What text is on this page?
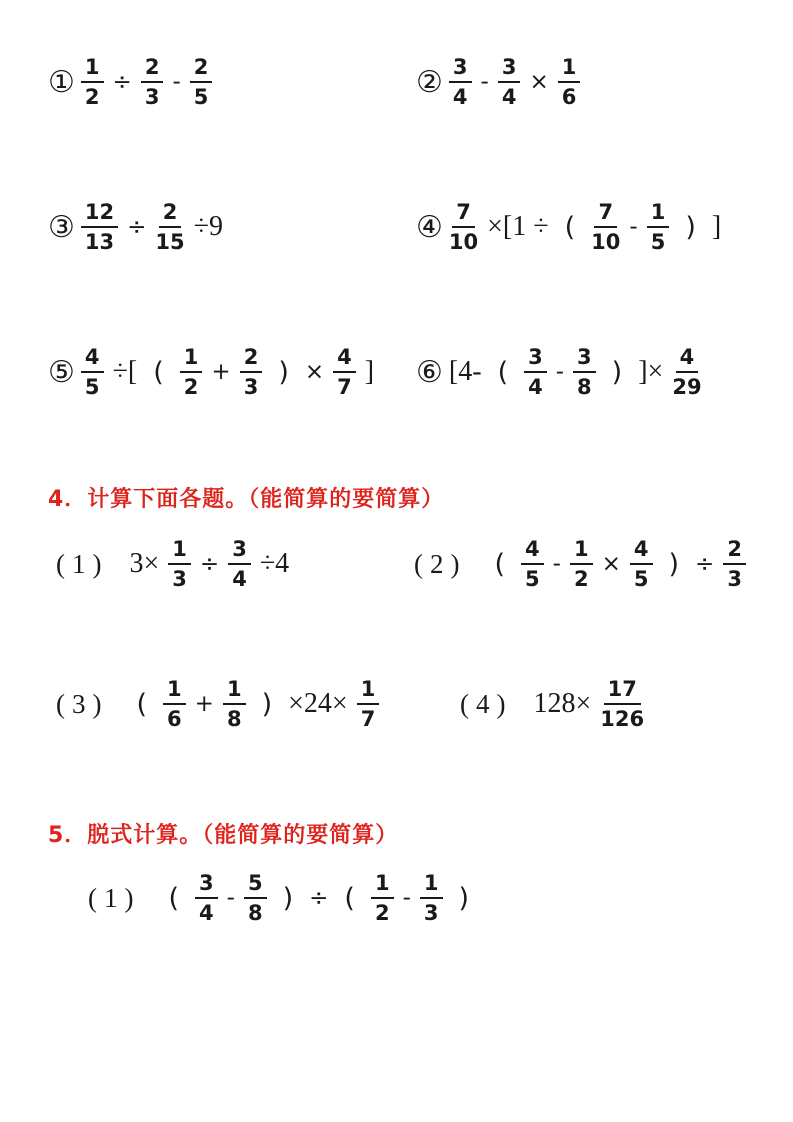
① $\frac{1}{2} \div \frac{2}{3} - \frac{2}{5}$	② $\frac{3}{4} - \frac{3}{4} \times \frac{1}{6}$
③ $\frac{12}{13} \div \frac{2}{15} \div 9$	④ $\frac{7}{10} \times[1$ ÷ ( $\frac{7}{10} - \frac{1}{5}$ ) ]
⑤ $\frac{4}{5}$ ÷[ ( $\frac{1}{2} + \frac{2}{3}$ ) × $\frac{4}{7}$ ] ⑥ [4- ( $\frac{3}{4} - \frac{3}{8}$ ) ]× $\frac{4}{29}$
4．计算下面各题。（能简算的要简算）
(1) $3\times \frac{1}{3} \div \frac{3}{4} \div 4$	(2) ( $\frac{4}{5} - \frac{1}{2} \times \frac{4}{5}$ ) ÷ $\frac{2}{3}$
(3) ( $\frac{1}{6} + \frac{1}{8}$ ) $\times 24\times \frac{1}{7}$	(4) $128\times \frac{17}{126}$
5．脱式计算。（能简算的要简算）
(1) ( $\frac{3}{4} - \frac{5}{8}$ ) ÷ ( $\frac{1}{2} - \frac{1}{3}$ )
